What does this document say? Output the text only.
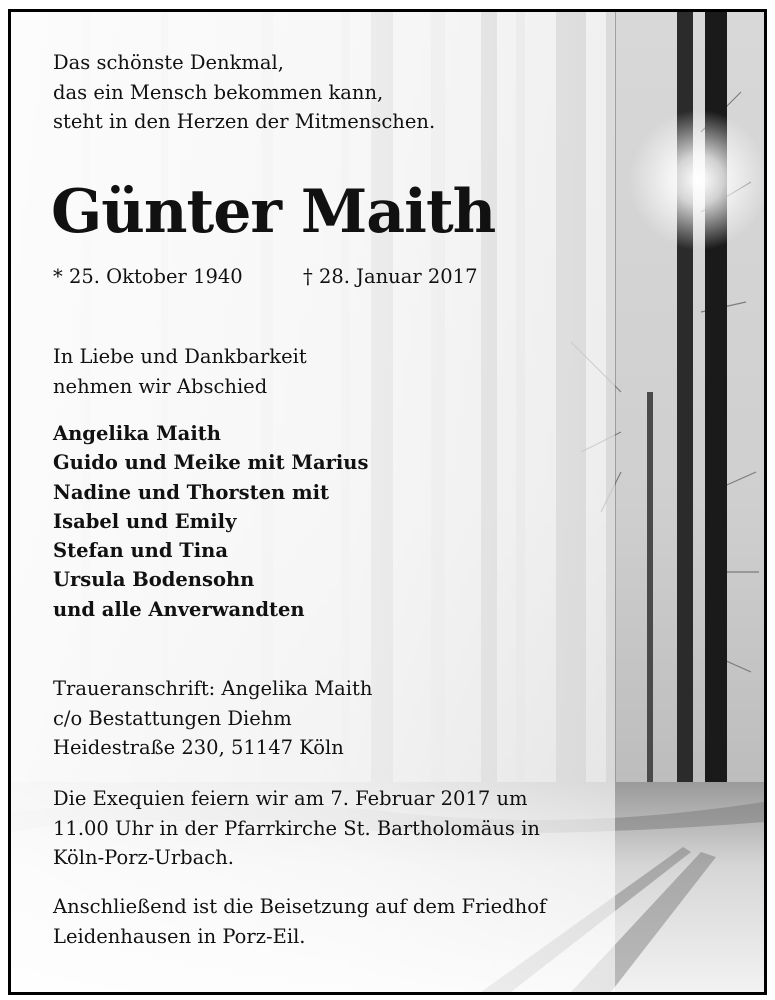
Das schönste Denkmal,
das ein Mensch bekommen kann,
steht in den Herzen der Mitmenschen.
Günter Maith
* 25. Oktober 1940	† 28. Januar 2017
In Liebe und Dankbarkeit
nehmen wir Abschied
Angelika Maith
Guido und Meike mit Marius
Nadine und Thorsten mit
Isabel und Emily
Stefan und Tina
Ursula Bodensohn
und alle Anverwandten
Traueranschrift: Angelika Maith
c/o Bestattungen Diehm
Heidestraße 230, 51147 Köln
Die Exequien feiern wir am 7. Februar 2017 um
11.00 Uhr in der Pfarrkirche St. Bartholomäus in
Köln-Porz-Urbach.
Anschließend ist die Beisetzung auf dem Friedhof
Leidenhausen in Porz-Eil.
